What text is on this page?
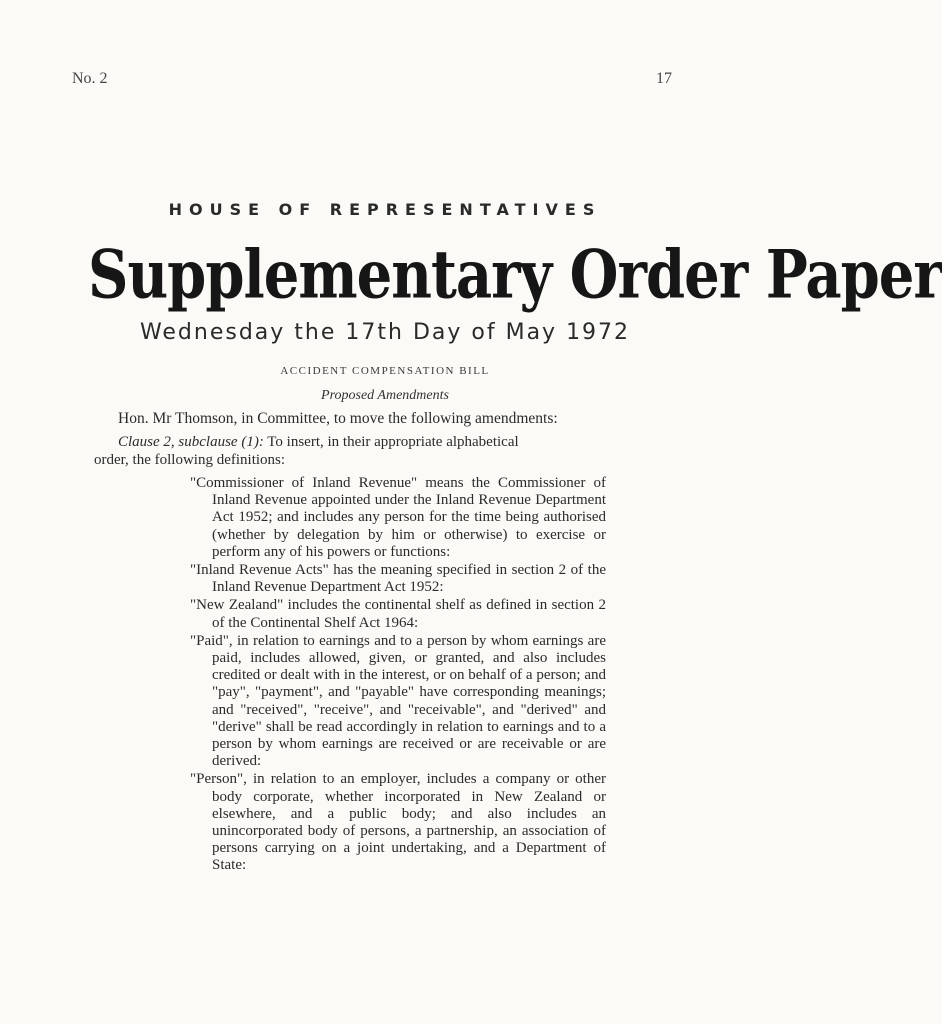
No. 2	17
HOUSE OF REPRESENTATIVES
Supplementary Order Paper
Wednesday the 17th Day of May 1972
ACCIDENT COMPENSATION BILL
Proposed Amendments
Hon. Mr Thomson, in Committee, to move the following amendments:
Clause 2, subclause (1): To insert, in their appropriate alphabetical
order, the following definitions:

"Commissioner of Inland Revenue" means the Commissioner of Inland Revenue appointed under the Inland Revenue Department Act 1952; and includes any person for the time being authorised (whether by delegation by him or otherwise) to exercise or perform any of his powers or functions:

"Inland Revenue Acts" has the meaning specified in section 2 of the Inland Revenue Department Act 1952:

"New Zealand" includes the continental shelf as defined in section 2 of the Continental Shelf Act 1964:

"Paid", in relation to earnings and to a person by whom earnings are paid, includes allowed, given, or granted, and also includes credited or dealt with in the interest, or on behalf of a person; and "pay", "payment", and "payable" have corresponding meanings; and "received", "receive", and "receivable", and "derived" and "derive" shall be read accordingly in relation to earnings and to a person by whom earnings are received or are receivable or are derived:

"Person", in relation to an employer, includes a company or other body corporate, whether incorporated in New Zealand or elsewhere, and a public body; and also includes an unincorporated body of persons, a partnership, an association of persons carrying on a joint undertaking, and a Department of State:
